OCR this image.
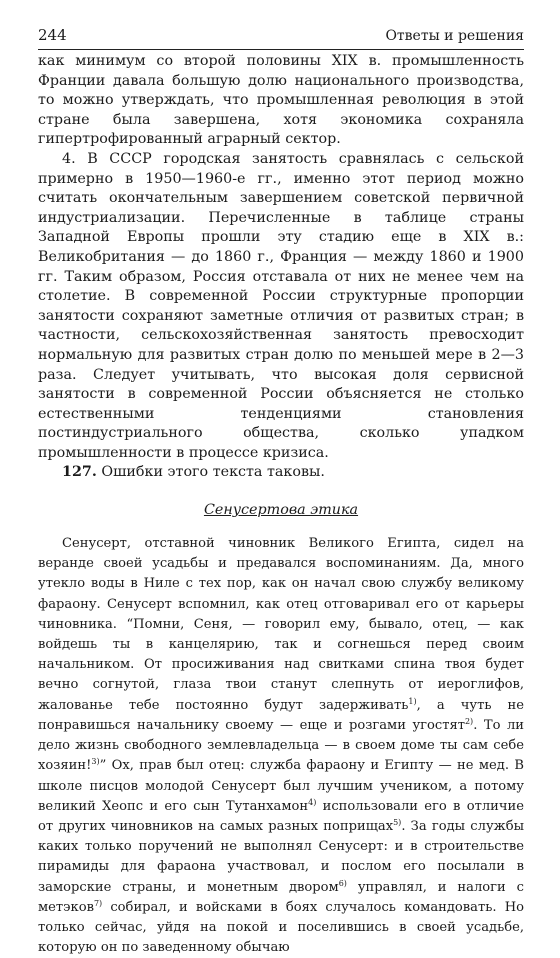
244	Ответы и решения

как минимум со второй половины XIX в. промышленность Франции давала большую долю национального производства, то можно утверждать, что промышленная революция в этой стране была завершена, хотя экономика сохраняла гипертрофированный аграрный сектор.

4. В СССР городская занятость сравнялась с сельской примерно в 1950—1960-е гг., именно этот период можно считать окончательным завершением советской первичной индустриализации. Перечисленные в таблице страны Западной Европы прошли эту стадию еще в XIX в.: Великобритания — до 1860 г., Франция — между 1860 и 1900 гг. Таким образом, Россия отставала от них не менее чем на столетие. В современной России структурные пропорции занятости сохраняют заметные отличия от развитых стран; в частности, сельскохозяйственная занятость превосходит нормальную для развитых стран долю по меньшей мере в 2—3 раза. Следует учитывать, что высокая доля сервисной занятости в современной России объясняется не столько естественными тенденциями становления постиндустриального общества, сколько упадком промышленности в процессе кризиса.

127. Ошибки этого текста таковы.

Сенусертова этика

Сенусерт, отставной чиновник Великого Египта, сидел на веранде своей усадьбы и предавался воспоминаниям. Да, много утекло воды в Ниле с тех пор, как он начал свою службу великому фараону. Сенусерт вспомнил, как отец отговаривал его от карьеры чиновника. “Помни, Сеня, — говорил ему, бывало, отец, — как войдешь ты в канцелярию, так и согнешься перед своим начальником. От просиживания над свитками спина твоя будет вечно согнутой, глаза твои станут слепнуть от иероглифов, жалованье тебе постоянно будут задерживать$^{1)}$, а чуть не понравишься начальнику своему — еще и розгами угостят$^{2)}$. То ли дело жизнь свободного землевладельца — в своем доме ты сам себе хозяин!$^{3)}$” Ох, прав был отец: служба фараону и Египту — не мед. В школе писцов молодой Сенусерт был лучшим учеником, а потому великий Хеопс и его сын Тутанхамон$^{4)}$ использовали его в отличие от других чиновников на самых разных поприщах$^{5)}$. За годы службы каких только поручений не выполнял Сенусерт: и в строительстве пирамиды для фараона участвовал, и послом его посылали в заморские страны, и монетным двором$^{6)}$ управлял, и налоги с метэков$^{7)}$ собирал, и войсками в боях случалось командовать. Но только сейчас, уйдя на покой и поселившись в своей усадьбе, которую он по заведенному обычаю
